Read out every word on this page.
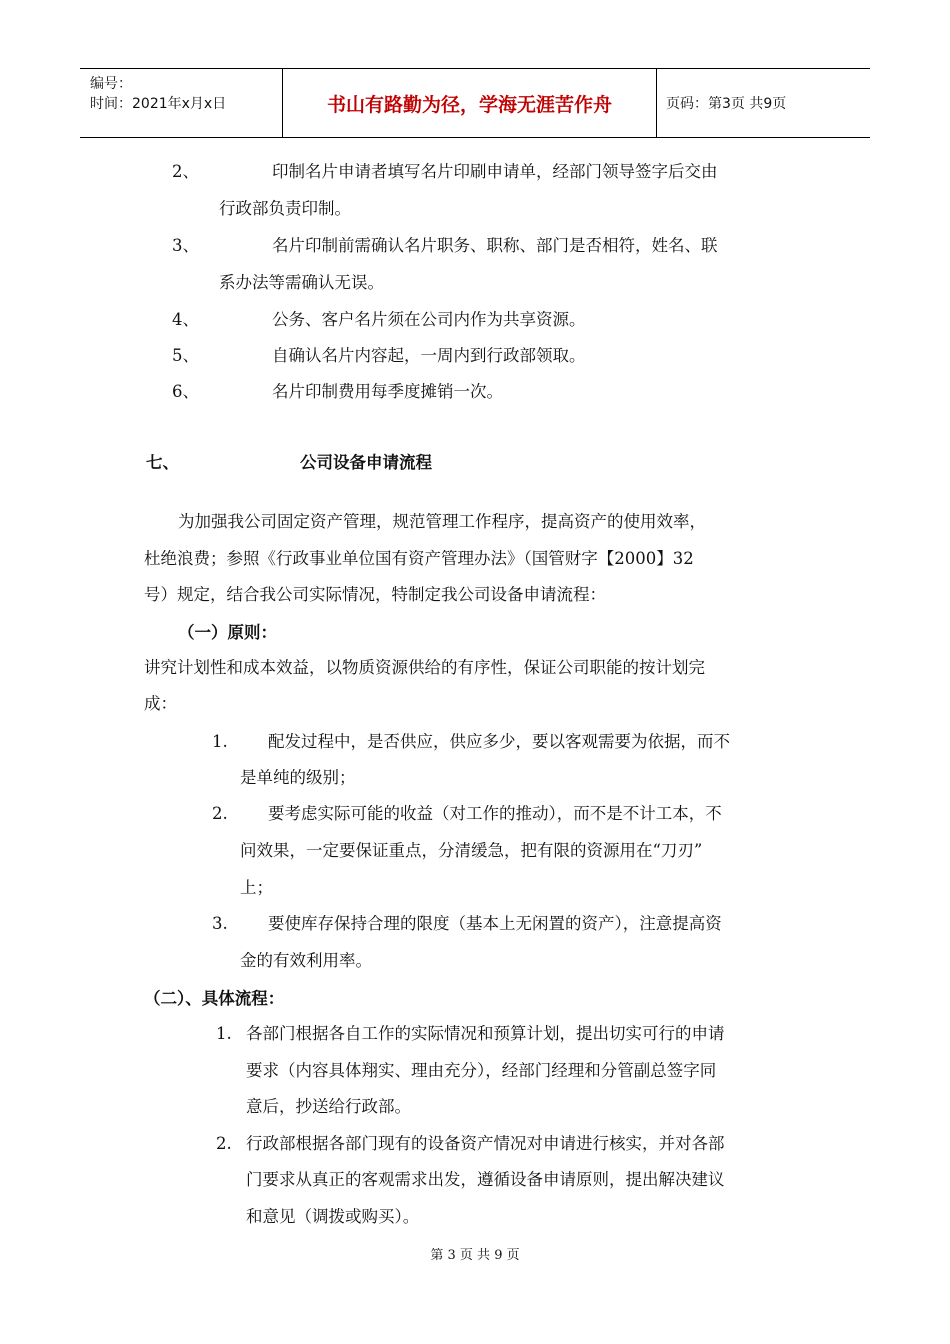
编号：
时间：2021年x月x日	书山有路勤为径，学海无涯苦作舟	页码：第3页 共9页
2、	印制名片申请者填写名片印刷申请单，经部门领导签字后交由
行政部负责印制。
3、	名片印制前需确认名片职务、职称、部门是否相符，姓名、联
系办法等需确认无误。
4、	公务、客户名片须在公司内作为共享资源。
5、	自确认名片内容起，一周内到行政部领取。
6、	名片印制费用每季度摊销一次。
七、	公司设备申请流程
为加强我公司固定资产管理，规范管理工作程序，提高资产的使用效率，
杜绝浪费；参照《行政事业单位国有资产管理办法》（国管财字【2000】32
号）规定，结合我公司实际情况，特制定我公司设备申请流程：
（一）原则：
讲究计划性和成本效益，以物质资源供给的有序性，保证公司职能的按计划完
成：
1. 配发过程中，是否供应，供应多少，要以客观需要为依据，而不
是单纯的级别；
2. 要考虑实际可能的收益（对工作的推动），而不是不计工本，不
问效果，一定要保证重点，分清缓急，把有限的资源用在“刀刃”
上；
3. 要使库存保持合理的限度（基本上无闲置的资产），注意提高资
金的有效利用率。
（二）、具体流程：
1. 各部门根据各自工作的实际情况和预算计划，提出切实可行的申请
要求（内容具体翔实、理由充分），经部门经理和分管副总签字同
意后，抄送给行政部。
2. 行政部根据各部门现有的设备资产情况对申请进行核实，并对各部
门要求从真正的客观需求出发，遵循设备申请原则，提出解决建议
和意见（调拨或购买）。
第 3 页 共 9 页
